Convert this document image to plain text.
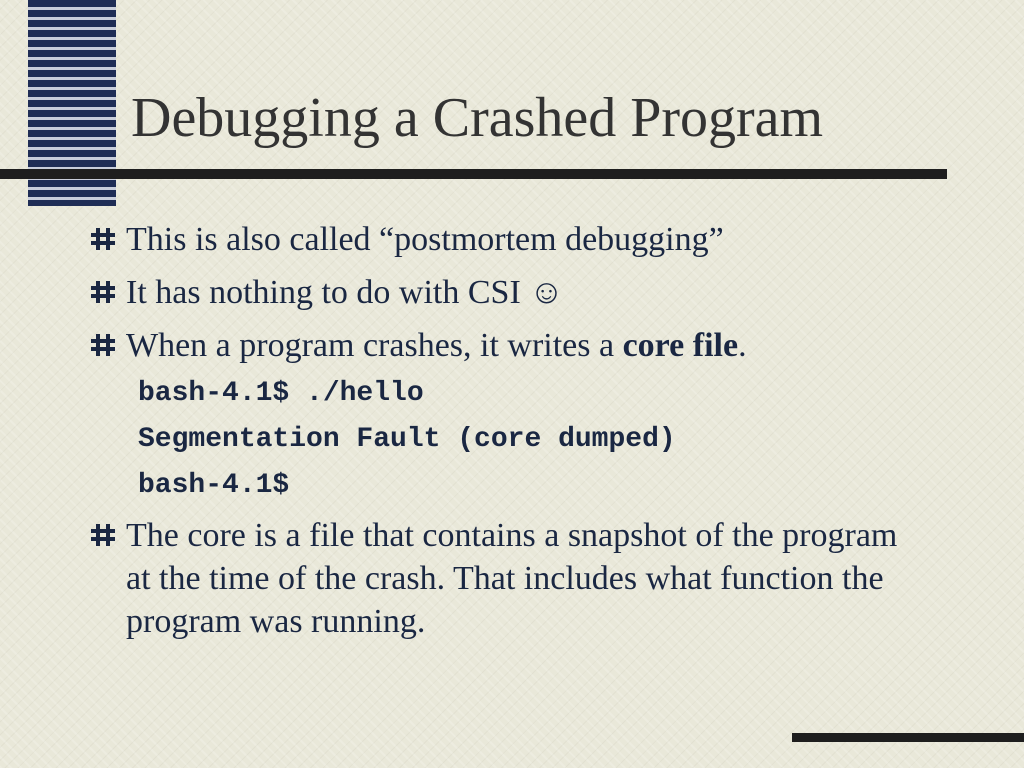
Debugging a Crashed Program
This is also called “postmortem debugging”
It has nothing to do with CSI ☺
When a program crashes, it writes a core file.
bash-4.1$ ./hello
Segmentation Fault (core dumped)
bash-4.1$
The core is a file that contains a snapshot of the program at the time of the crash. That includes what function the program was running.
